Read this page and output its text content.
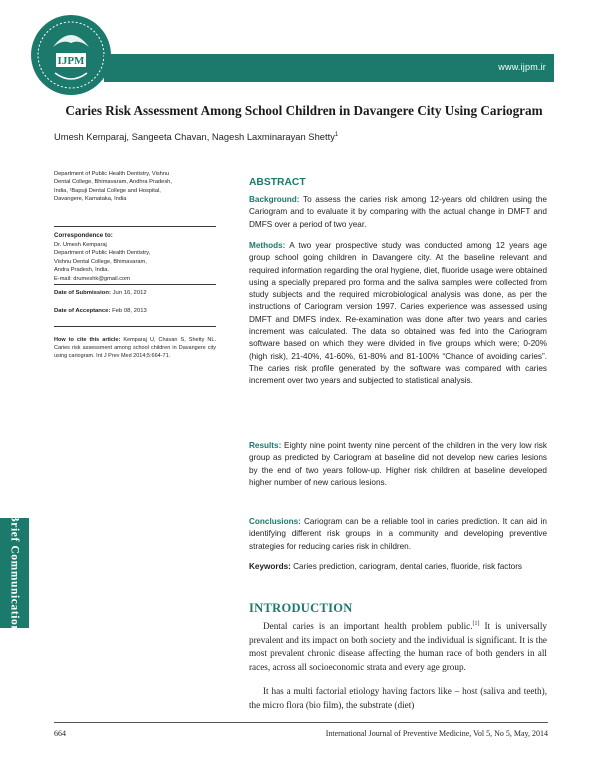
IJPM	www.ijpm.ir
Caries Risk Assessment Among School Children in Davangere City Using Cariogram
Umesh Kemparaj, Sangeeta Chavan, Nagesh Laxminarayan Shetty$^1$
Department of Public Health Dentistry, Vishnu
Dental College, Bhimavaram, Andhra Pradesh,
India, ¹Bapuji Dental College and Hospital,
Davangere, Karnataka, India
Correspondence to:
Dr. Umesh Kemparaj
Department of Public Health Dentistry,
Vishnu Dental College, Bhimavaram,
Andra Pradesh, India.
E-mail: drumeshk@gmail.com
Date of Submission: Jun 16, 2012
Date of Acceptance: Feb 08, 2013
How to cite this article: Kemparaj U, Chavan S, Shetty NL. Caries risk assessment among school children in Davangere city using cariogram. Int J Prev Med 2014;5:664-71.
Brief Communication
ABSTRACT

Background: To assess the caries risk among 12-years old children using the Cariogram and to evaluate it by comparing with the actual change in DMFT and DMFS over a period of two year.

Methods: A two year prospective study was conducted among 12 years age group school going children in Davangere city. At the baseline relevant and required information regarding the oral hygiene, diet, fluoride usage were obtained using a specially prepared pro forma and the saliva samples were collected from study subjects and the required microbiological analysis was done, as per the instructions of Cariogram version 1997. Caries experience was assessed using DMFT and DMFS index. Re-examination was done after two years and caries increment was calculated. The data so obtained was fed into the Cariogram software based on which they were divided in five groups which were; 0-20% (high risk), 21-40%, 41-60%, 61-80% and 81-100% “Chance of avoiding caries”. The caries risk profile generated by the software was compared with caries increment over two years and subjected to statistical analysis.

Results: Eighty nine point twenty nine percent of the children in the very low risk group as predicted by Cariogram at baseline did not develop new caries lesions by the end of two years follow-up. Higher risk children at baseline developed higher number of new carious lesions.

Conclusions: Cariogram can be a reliable tool in caries prediction. It can aid in identifying different risk groups in a community and developing preventive strategies for reducing caries risk in children.

Keywords: Caries prediction, cariogram, dental caries, fluoride, risk factors

INTRODUCTION

Dental caries is an important health problem public.[1] It is universally prevalent and its impact on both society and the individual is significant. It is the most prevalent chronic disease affecting the human race of both genders in all races, across all socioeconomic strata and every age group.

It has a multi factorial etiology having factors like – host (saliva and teeth), the micro flora (bio film), the substrate (diet)

664	International Journal of Preventive Medicine, Vol 5, No 5, May, 2014
